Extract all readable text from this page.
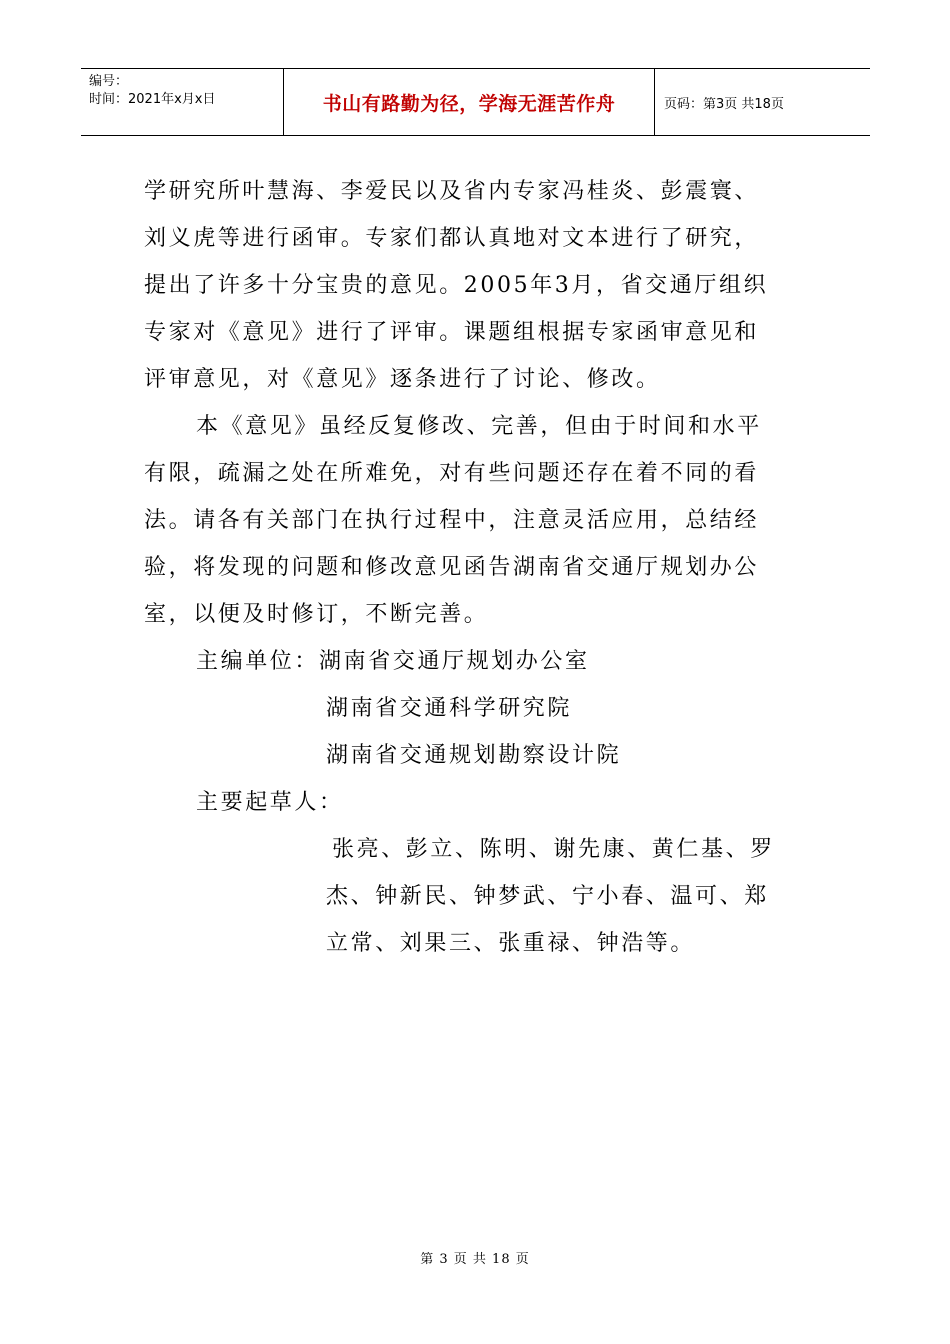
编号：
时间：2021年x月x日	书山有路勤为径，学海无涯苦作舟	页码：第3页 共18页
学研究所叶慧海、李爱民以及省内专家冯桂炎、彭震寰、
刘义虎等进行函审。专家们都认真地对文本进行了研究，
提出了许多十分宝贵的意见。2005年3月，省交通厅组织
专家对《意见》进行了评审。课题组根据专家函审意见和
评审意见，对《意见》逐条进行了讨论、修改。
本《意见》虽经反复修改、完善，但由于时间和水平
有限，疏漏之处在所难免，对有些问题还存在着不同的看
法。请各有关部门在执行过程中，注意灵活应用，总结经
验，将发现的问题和修改意见函告湖南省交通厅规划办公
室，以便及时修订，不断完善。
主编单位：湖南省交通厅规划办公室
湖南省交通科学研究院
湖南省交通规划勘察设计院
主要起草人：
张亮、彭立、陈明、谢先康、黄仁基、罗
杰、钟新民、钟梦武、宁小春、温可、郑
立常、刘果三、张重禄、钟浩等。
第 3 页 共 18 页
